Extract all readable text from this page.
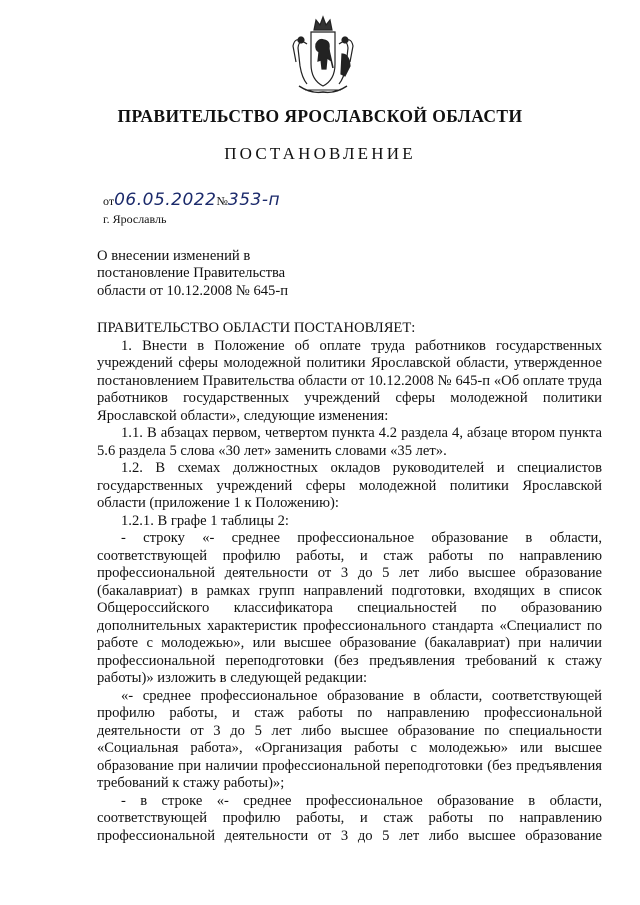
ПРАВИТЕЛЬСТВО ЯРОСЛАВСКОЙ ОБЛАСТИ
ПОСТАНОВЛЕНИЕ
от06.05.2022№353-п
г. Ярославль
О внесении изменений в
постановление Правительства
области от 10.12.2008 № 645-п

ПРАВИТЕЛЬСТВО ОБЛАСТИ ПОСТАНОВЛЯЕТ:

1. Внести в Положение об оплате труда работников государственных учреждений сферы молодежной политики Ярославской области, утвержденное постановлением Правительства области от 10.12.2008 № 645-п «Об оплате труда работников государственных учреждений сферы молодежной политики Ярославской области», следующие изменения:

1.1. В абзацах первом, четвертом пункта 4.2 раздела 4, абзаце втором пункта 5.6 раздела 5 слова «30 лет» заменить словами «35 лет».

1.2. В схемах должностных окладов руководителей и специалистов государственных учреждений сферы молодежной политики Ярославской области (приложение 1 к Положению):

1.2.1. В графе 1 таблицы 2:

- строку «- среднее профессиональное образование в области, соответствующей профилю работы, и стаж работы по направлению профессиональной деятельности от 3 до 5 лет либо высшее образование (бакалавриат) в рамках групп направлений подготовки, входящих в список Общероссийского классификатора специальностей по образованию дополнительных характеристик профессионального стандарта «Специалист по работе с молодежью», или высшее образование (бакалавриат) при наличии профессиональной переподготовки (без предъявления требований к стажу работы)» изложить в следующей редакции:

«- среднее профессиональное образование в области, соответствующей профилю работы, и стаж работы по направлению профессиональной деятельности от 3 до 5 лет либо высшее образование по специальности «Социальная работа», «Организация работы с молодежью» или высшее образование при наличии профессиональной переподготовки (без предъявления требований к стажу работы)»;

- в строке «- среднее профессиональное образование в области, соответствующей профилю работы, и стаж работы по направлению профессиональной деятельности от 3 до 5 лет либо высшее образование
